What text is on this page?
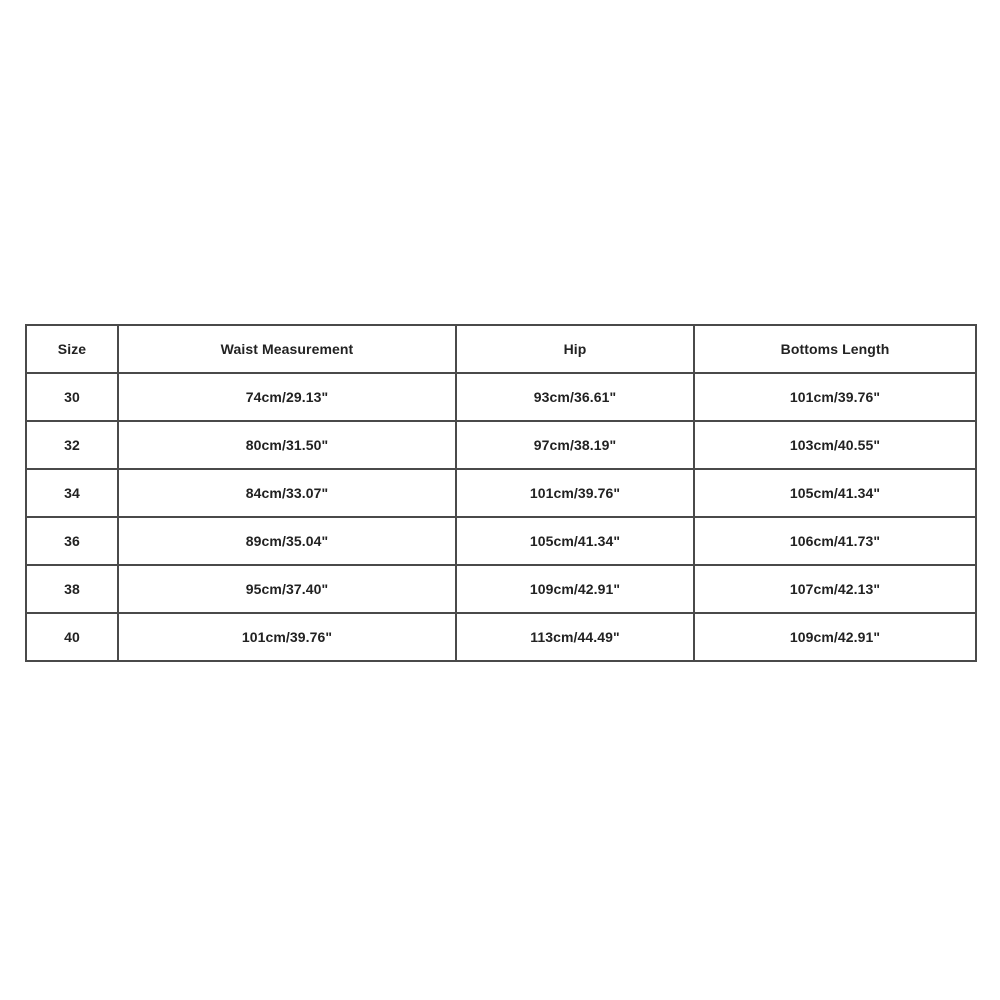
Size	Waist Measurement	Hip	Bottoms Length
30	74cm/29.13"	93cm/36.61"	101cm/39.76"
32	80cm/31.50"	97cm/38.19"	103cm/40.55"
34	84cm/33.07"	101cm/39.76"	105cm/41.34"
36	89cm/35.04"	105cm/41.34"	106cm/41.73"
38	95cm/37.40"	109cm/42.91"	107cm/42.13"
40	101cm/39.76"	113cm/44.49"	109cm/42.91"
